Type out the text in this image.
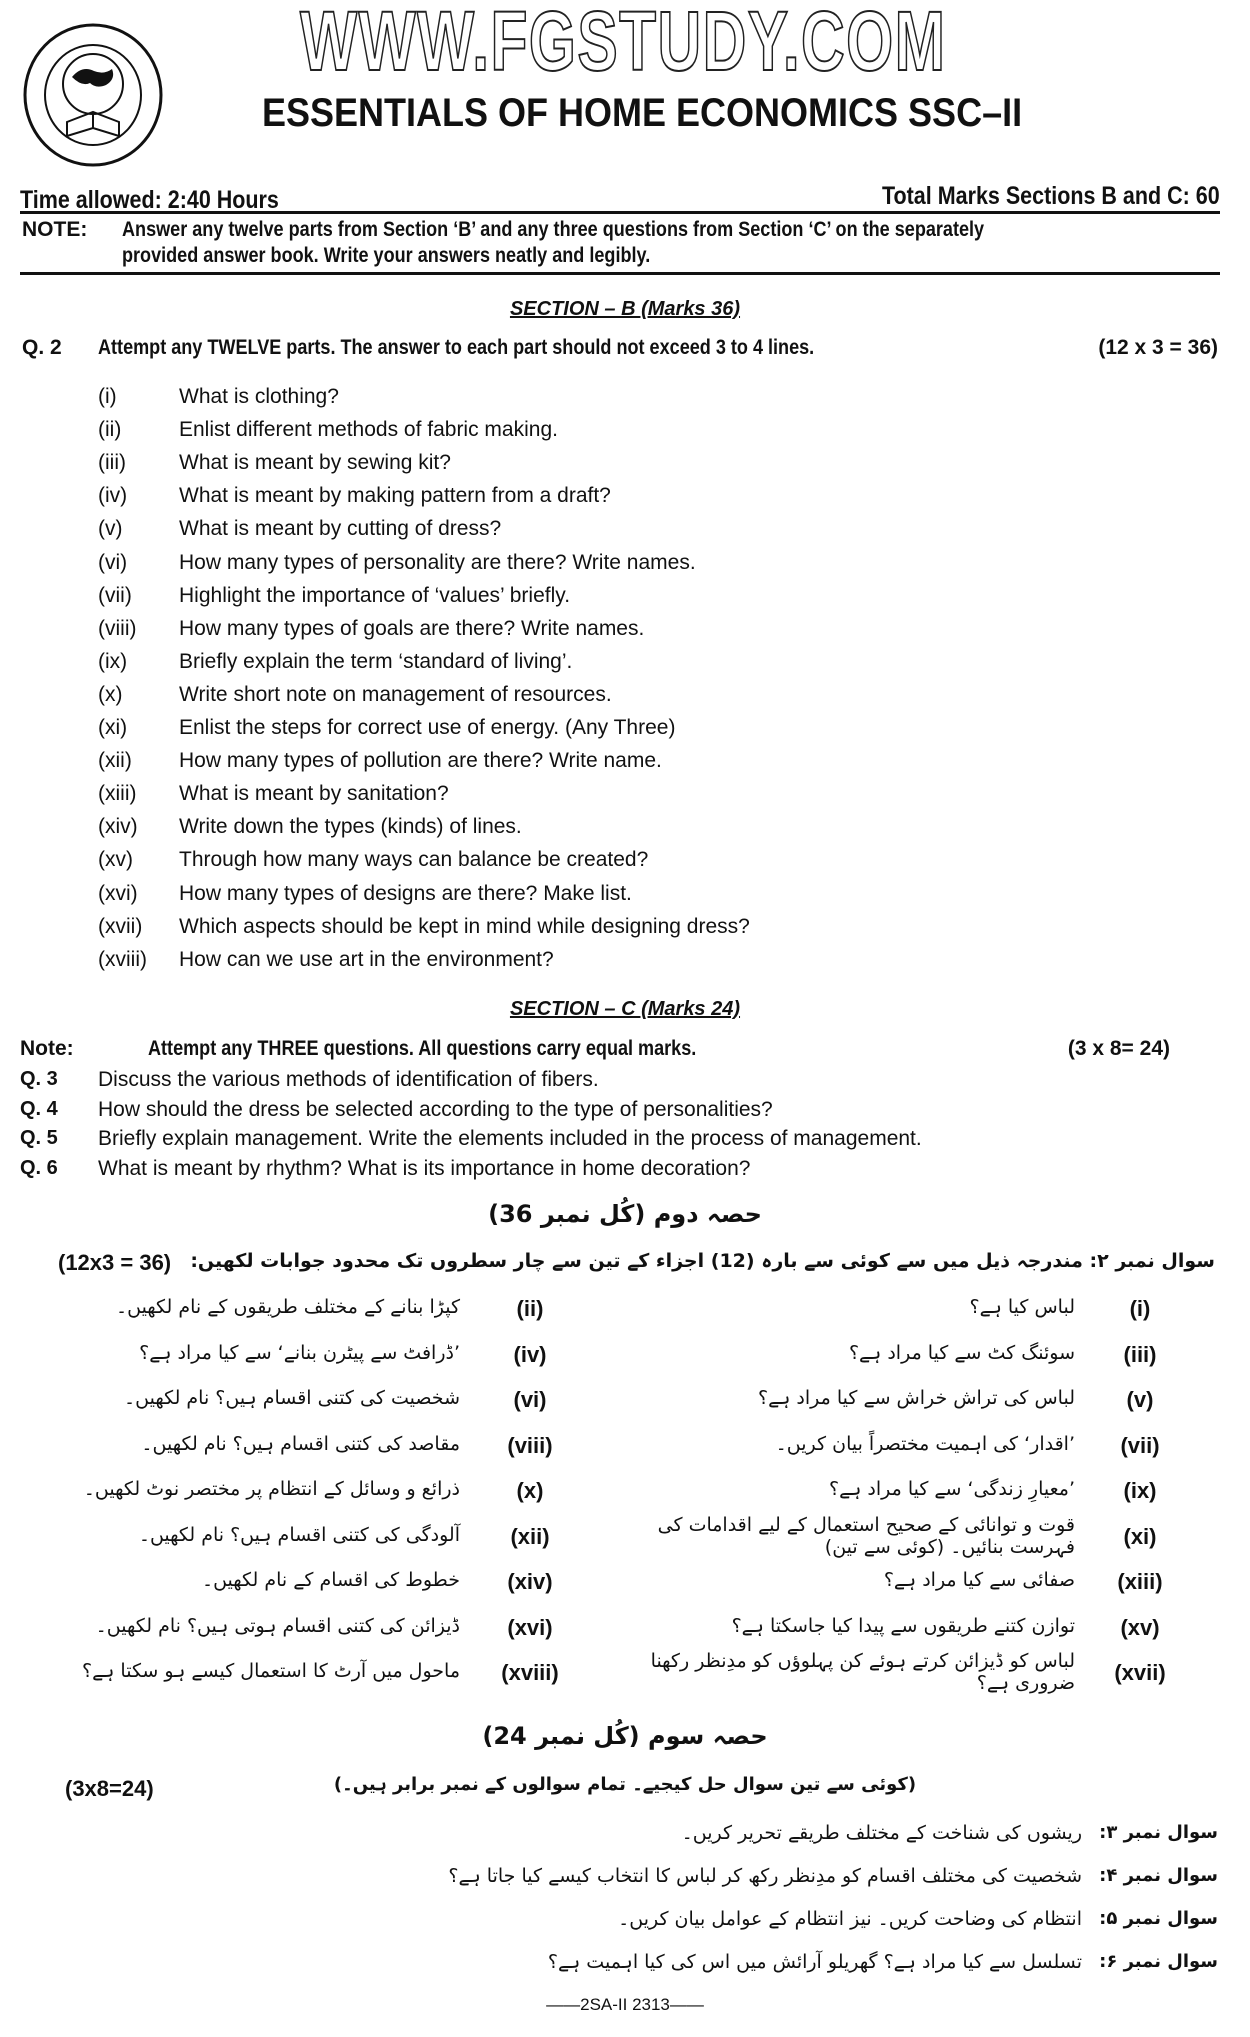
WWW.FGSTUDY.COM
ESSENTIALS OF HOME ECONOMICS SSC–II
Time allowed: 2:40 Hours	Total Marks Sections B and C: 60
NOTE: Answer any twelve parts from Section ‘B’ and any three questions from Section ‘C’ on the separately
provided answer book. Write your answers neatly and legibly.
SECTION – B (Marks 36)
Q. 2 Attempt any TWELVE parts. The answer to each part should not exceed 3 to 4 lines.	(12 x 3 = 36)
(i)	What is clothing?
(ii)	Enlist different methods of fabric making.
(iii)	What is meant by sewing kit?
(iv) What is meant by making pattern from a draft?
(v)	What is meant by cutting of dress?
(vi) How many types of personality are there? Write names.
(vii) Highlight the importance of ‘values’ briefly.
(viii) How many types of goals are there? Write names.
(ix) Briefly explain the term ‘standard of living’.
(x)	Write short note on management of resources.
(xi) Enlist the steps for correct use of energy. (Any Three)
(xii) How many types of pollution are there? Write name.
(xiii) What is meant by sanitation?
(xiv) Write down the types (kinds) of lines.
(xv) Through how many ways can balance be created?
(xvi) How many types of designs are there? Make list.
(xvii) Which aspects should be kept in mind while designing dress?
(xviii) How can we use art in the environment?
SECTION – C (Marks 24)
Note:	Attempt any THREE questions. All questions carry equal marks.	(3 x 8= 24)
Q. 3 Discuss the various methods of identification of fibers.
Q. 4 How should the dress be selected according to the type of personalities?
Q. 5 Briefly explain management. Write the elements included in the process of management.
Q. 6 What is meant by rhythm? What is its importance in home decoration?
حصہ دوم (کُل نمبر 36)
سوال نمبر ۲: مندرجہ ذیل میں سے کوئی سے بارہ (12) اجزاء کے تین سے چار سطروں تک محدود جوابات لکھیں:
(12x3 = 36)
(i)
لباس کیا ہے؟
(ii)
کپڑا بنانے کے مختلف طریقوں کے نام لکھیں۔
(iii)
سوئنگ کٹ سے کیا مراد ہے؟
(iv)
’ڈرافٹ سے پیٹرن بنانے‘ سے کیا مراد ہے؟
(v)
لباس کی تراش خراش سے کیا مراد ہے؟
(vi)
شخصیت کی کتنی اقسام ہیں؟ نام لکھیں۔
(vii)
’اقدار‘ کی اہمیت مختصراً بیان کریں۔
(viii)
مقاصد کی کتنی اقسام ہیں؟ نام لکھیں۔
(ix)
’معیارِ زندگی‘ سے کیا مراد ہے؟
(x)
ذرائع و وسائل کے انتظام پر مختصر نوٹ لکھیں۔
(xi)
قوت و توانائی کے صحیح استعمال کے لیے اقدامات کی فہرست بنائیں۔ (کوئی سے تین)
(xii)
آلودگی کی کتنی اقسام ہیں؟ نام لکھیں۔
(xiii)
صفائی سے کیا مراد ہے؟
(xiv)
خطوط کی اقسام کے نام لکھیں۔
(xv)
توازن کتنے طریقوں سے پیدا کیا جاسکتا ہے؟
(xvi)
ڈیزائن کی کتنی اقسام ہوتی ہیں؟ نام لکھیں۔
(xvii)
لباس کو ڈیزائن کرتے ہوئے کن پہلوؤں کو مدِنظر رکھنا ضروری ہے؟
(xviii)
ماحول میں آرٹ کا استعمال کیسے ہو سکتا ہے؟
حصہ سوم (کُل نمبر 24)
(کوئی سے تین سوال حل کیجیے۔ تمام سوالوں کے نمبر برابر ہیں۔)
(3x8=24)
سوال نمبر ۳:
ریشوں کی شناخت کے مختلف طریقے تحریر کریں۔
سوال نمبر ۴:
شخصیت کی مختلف اقسام کو مدِنظر رکھ کر لباس کا انتخاب کیسے کیا جاتا ہے؟
سوال نمبر ۵:
انتظام کی وضاحت کریں۔ نیز انتظام کے عوامل بیان کریں۔
سوال نمبر ۶:
تسلسل سے کیا مراد ہے؟ گھریلو آرائش میں اس کی کیا اہمیت ہے؟
——2SA-II 2313——
